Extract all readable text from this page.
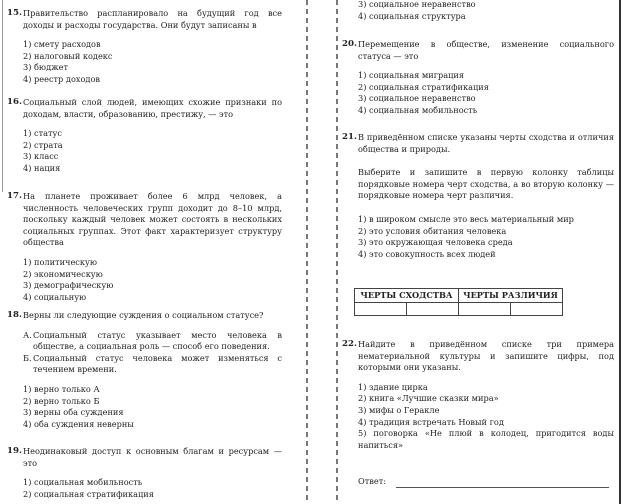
15. Правительство распланировало на будущий год все доходы и расходы государства. Они будут записаны в
1) смету расходов
2) налоговый кодекс
3) бюджет
4) реестр доходов
16. Социальный слой людей, имеющих схожие признаки по доходам, власти, образованию, престижу, — это
1) статус
2) страта
3) класс
4) нация
17. На планете проживает более 6 млрд человек, а численность человеческих групп доходит до 8–10 млрд, поскольку каждый человек может состоять в нескольких социальных группах. Этот факт характеризует структуру общества
1) политическую
2) экономическую
3) демографическую
4) социальную
18. Верны ли следующие суждения о социальном статусе?
А. Социальный статус указывает место человека в обществе, а социальная роль — способ его поведения.
Б. Социальный статус человека может изменяться с течением времени.
1) верно только А
2) верно только Б
3) верны оба суждения
4) оба суждения неверны
19. Неодинаковый доступ к основным благам и ресурсам — это
1) социальная мобильность
2) социальная стратификация
3) социальное неравенство
4) социальная структура
20. Перемещение в обществе, изменение социального статуса — это
1) социальная миграция
2) социальная стратификация
3) социальное неравенство
4) социальная мобильность
21. В приведённом списке указаны черты сходства и отличия общества и природы.
Выберите и запишите в первую колонку таблицы порядковые номера черт сходства, а во вторую колонку — порядковые номера черт различия.
1) в широком смысле это весь материальный мир
2) это условия обитания человека
3) это окружающая человека среда
4) это совокупность всех людей
ЧЕРТЫ СХОДСТВА		ЧЕРТЫ РАЗЛИЧИЯ	

22. Найдите в приведённом списке три примера нематериальной культуры и запишите цифры, под которыми они указаны.
1) здание цирка
2) книга «Лучшие сказки мира»
3) мифы о Геракле
4) традиция встречать Новый год
5) поговорка «Не плюй в колодец, пригодится воды напиться»
Ответ:
